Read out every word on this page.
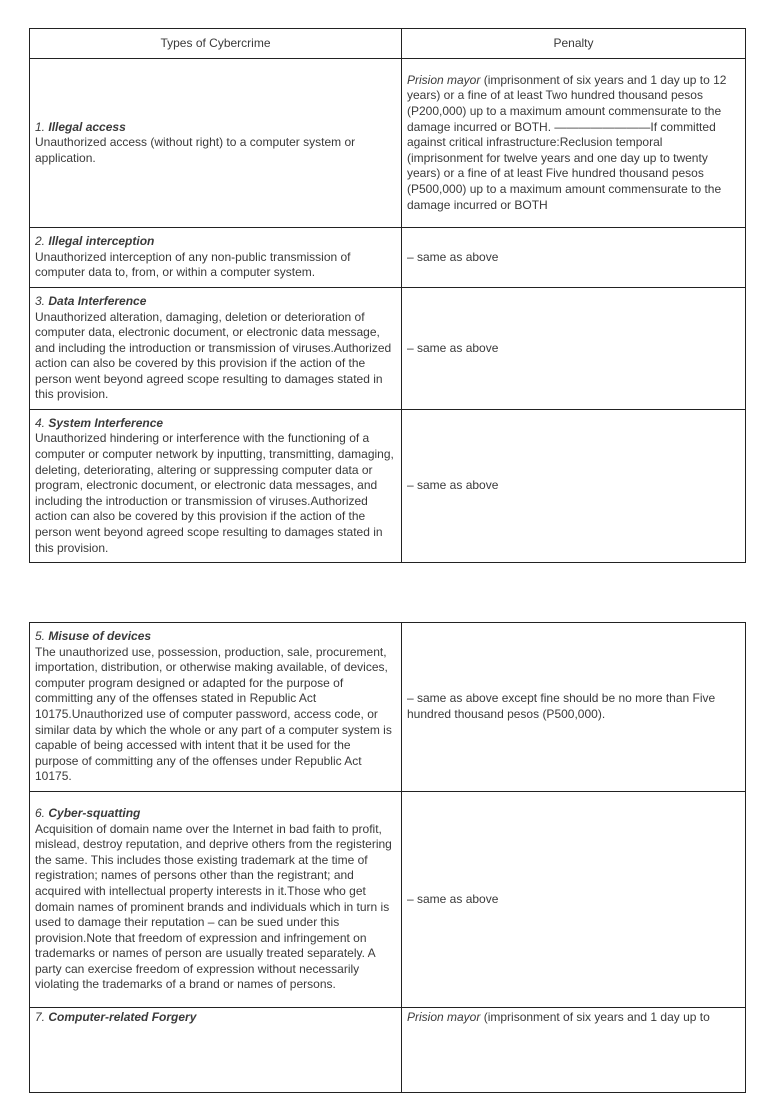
Types of Cybercrime	Penalty
1. Illegal access
Unauthorized access (without right) to a computer system or application.	Prision mayor (imprisonment of six years and 1 day up to 12 years) or a fine of at least Two hundred thousand pesos (P200,000) up to a maximum amount commensurate to the damage incurred or BOTH. ————————If committed against critical infrastructure:Reclusion temporal (imprisonment for twelve years and one day up to twenty years) or a fine of at least Five hundred thousand pesos (P500,000) up to a maximum amount commensurate to the damage incurred or BOTH
2. Illegal interception
Unauthorized interception of any non-public transmission of computer data to, from, or within a computer system.	– same as above
3. Data Interference
Unauthorized alteration, damaging, deletion or deterioration of computer data, electronic document, or electronic data message, and including the introduction or transmission of viruses.Authorized action can also be covered by this provision if the action of the person went beyond agreed scope resulting to damages stated in this provision.	– same as above
4. System Interference
Unauthorized hindering or interference with the functioning of a computer or computer network by inputting, transmitting, damaging, deleting, deteriorating, altering or suppressing computer data or program, electronic document, or electronic data messages, and including the introduction or transmission of viruses.Authorized action can also be covered by this provision if the action of the person went beyond agreed scope resulting to damages stated in this provision.	– same as above
5. Misuse of devices
The unauthorized use, possession, production, sale, procurement, importation, distribution, or otherwise making available, of devices, computer program designed or adapted for the purpose of committing any of the offenses stated in Republic Act 10175.Unauthorized use of computer password, access code, or similar data by which the whole or any part of a computer system is capable of being accessed with intent that it be used for the purpose of committing any of the offenses under Republic Act 10175.	– same as above except fine should be no more than Five hundred thousand pesos (P500,000).
6. Cyber-squatting
Acquisition of domain name over the Internet in bad faith to profit, mislead, destroy reputation, and deprive others from the registering the same. This includes those existing trademark at the time of registration; names of persons other than the registrant; and acquired with intellectual property interests in it.Those who get domain names of prominent brands and individuals which in turn is used to damage their reputation – can be sued under this provision.Note that freedom of expression and infringement on trademarks or names of person are usually treated separately. A party can exercise freedom of expression without necessarily violating the trademarks of a brand or names of persons.	– same as above
7. Computer-related Forgery	Prision mayor (imprisonment of six years and 1 day up to
